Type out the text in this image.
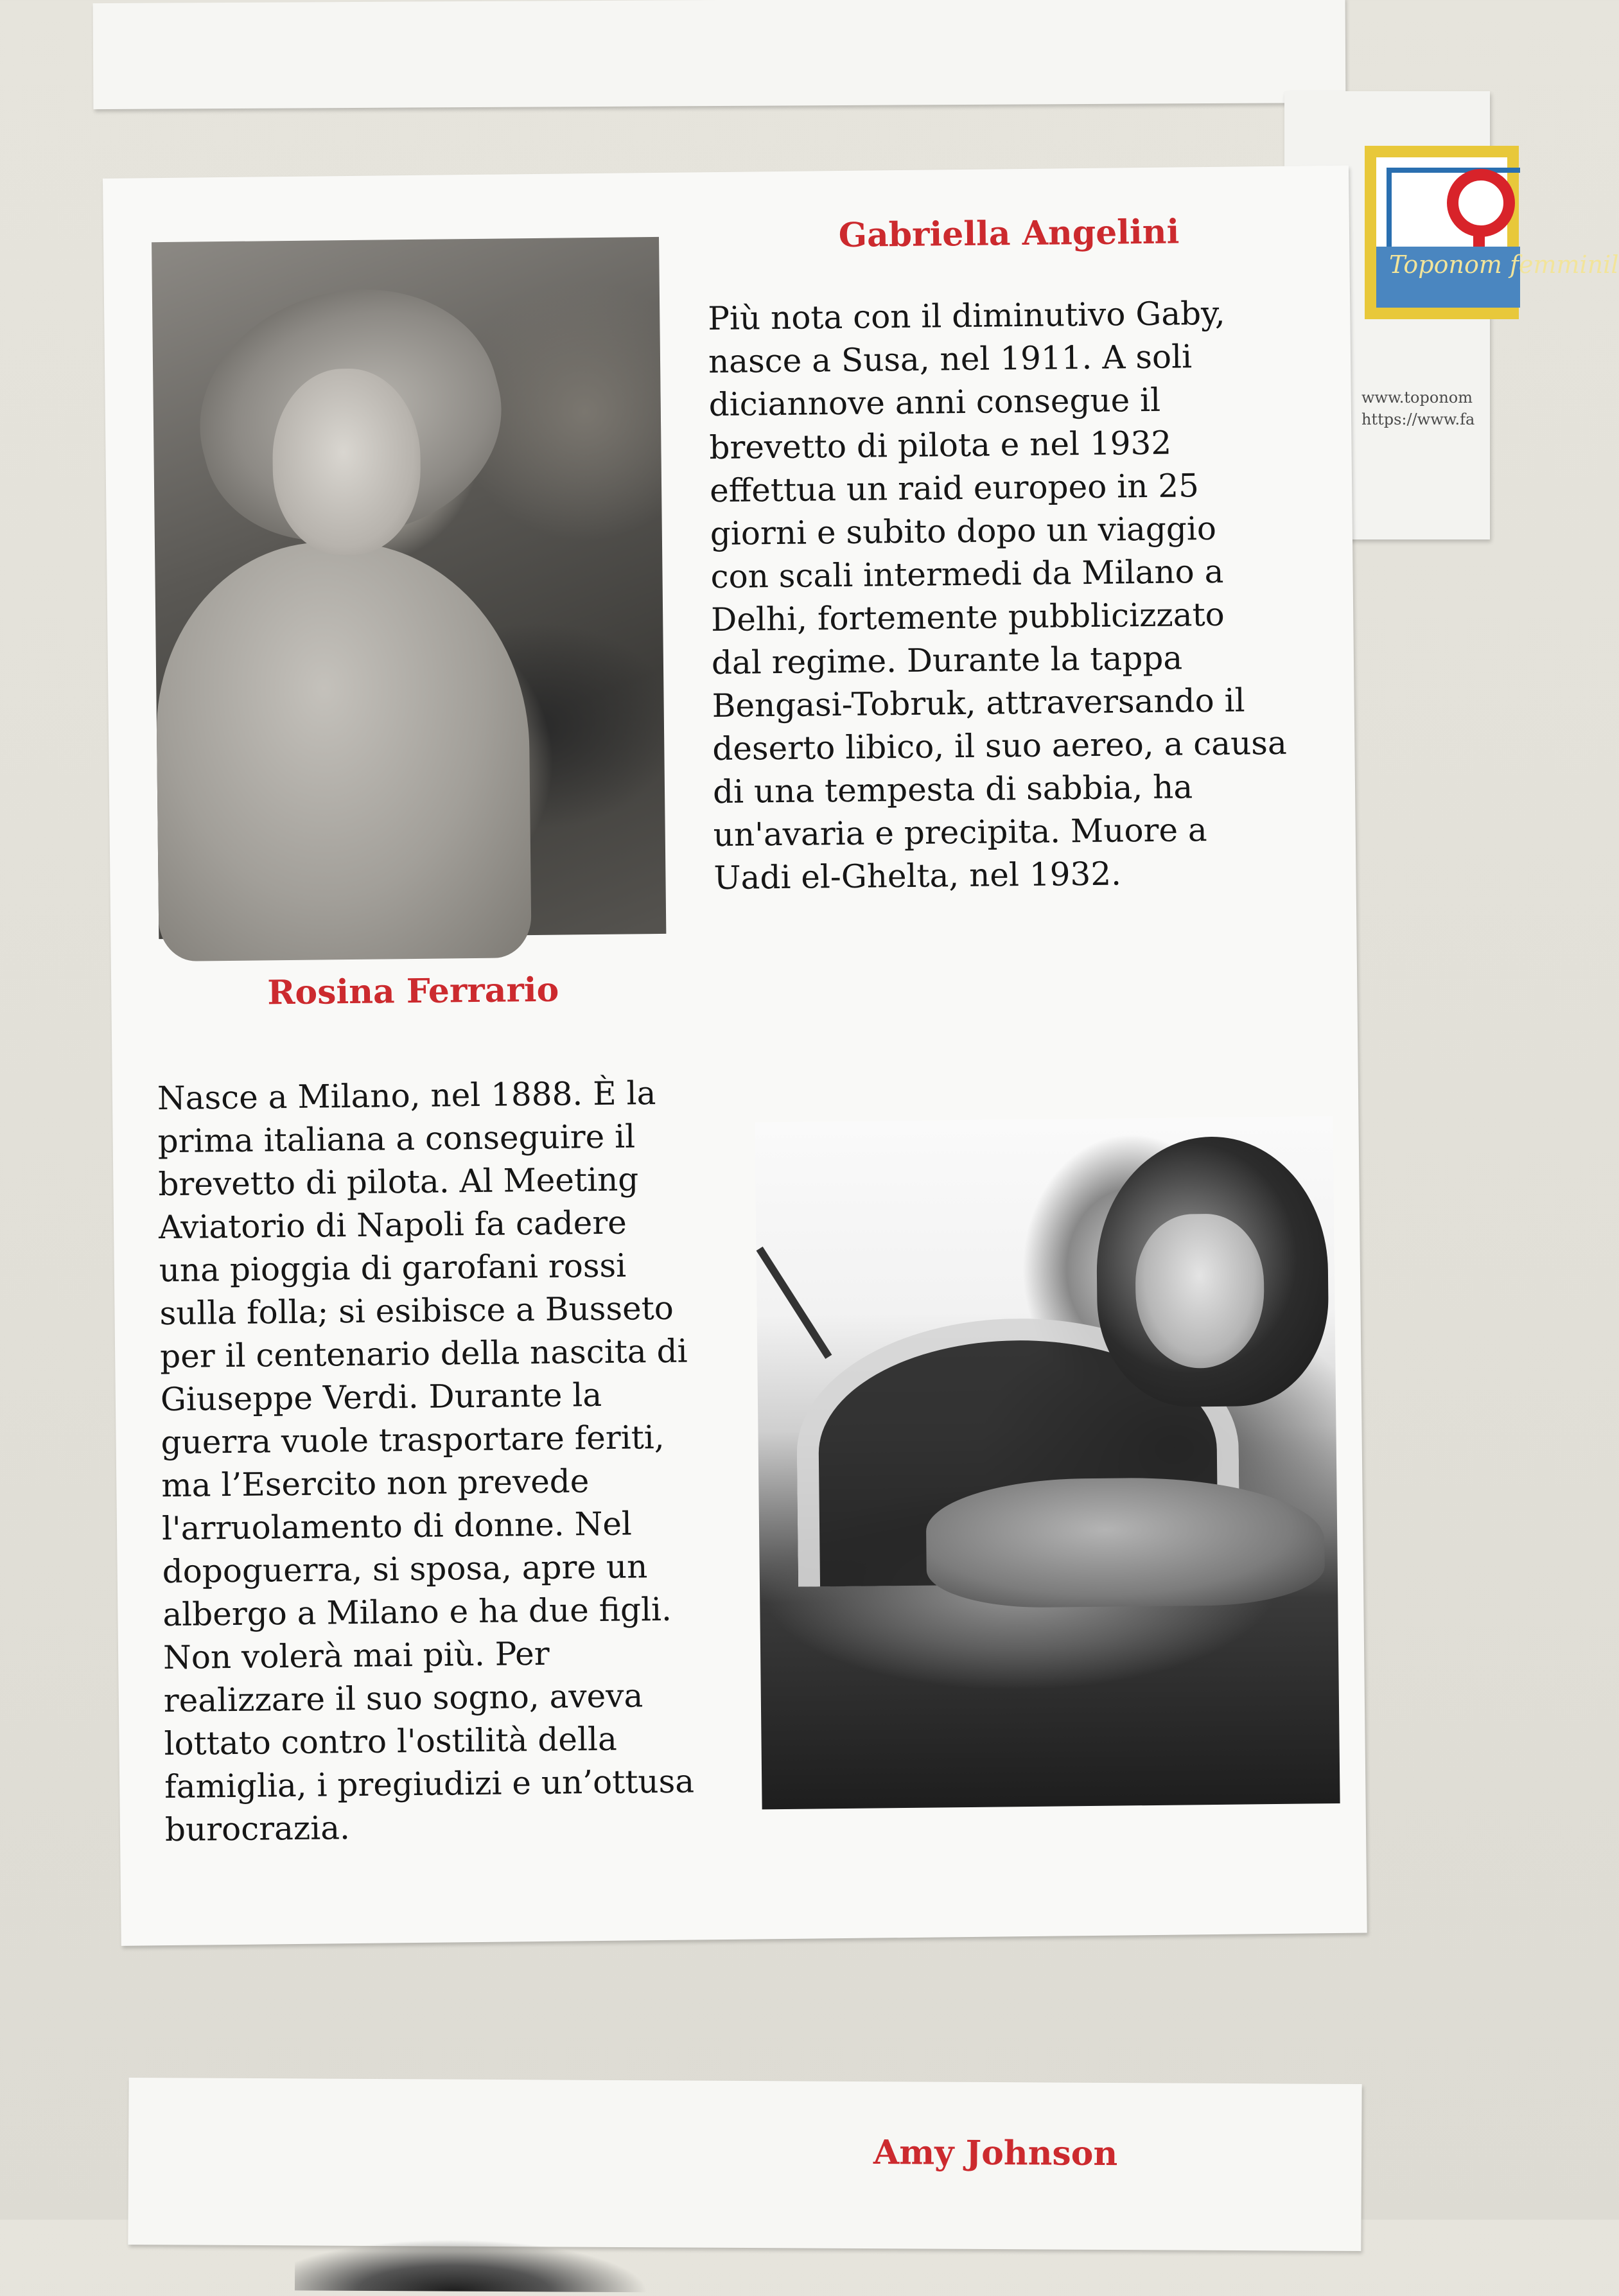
Toponom femminil
www.toponom
https://www.fa
Gabriella Angelini
Più nota con il diminutivo Gaby,
nasce a Susa, nel 1911. A soli
diciannove anni consegue il
brevetto di pilota e nel 1932
effettua un raid europeo in 25
giorni e subito dopo un viaggio
con scali intermedi da Milano a
Delhi, fortemente pubblicizzato
dal regime. Durante la tappa
Bengasi-Tobruk, attraversando il
deserto libico, il suo aereo, a causa
di una tempesta di sabbia, ha
un'avaria e precipita. Muore a
Uadi el-Ghelta, nel 1932.
Rosina Ferrario
Nasce a Milano, nel 1888. È la
prima italiana a conseguire il
brevetto di pilota. Al Meeting
Aviatorio di Napoli fa cadere
una pioggia di garofani rossi
sulla folla; si esibisce a Busseto
per il centenario della nascita di
Giuseppe Verdi. Durante la
guerra vuole trasportare feriti,
ma l’Esercito non prevede
l'arruolamento di donne. Nel
dopoguerra, si sposa, apre un
albergo a Milano e ha due figli.
Non volerà mai più. Per
realizzare il suo sogno, aveva
lottato contro l'ostilità della
famiglia, i pregiudizi e un’ottusa
burocrazia.
Amy Johnson
